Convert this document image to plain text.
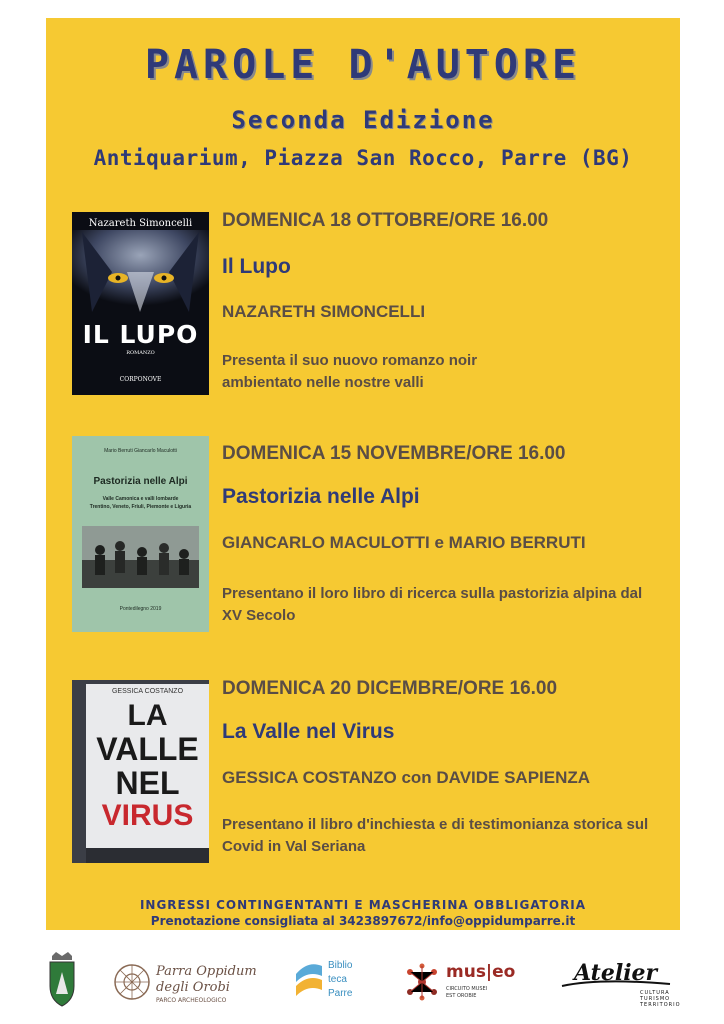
PAROLE D'AUTORE
Seconda Edizione
Antiquarium, Piazza San Rocco, Parre (BG)
Nazareth Simoncelli
IL LUPO
ROMANZO
CORPONOVE
DOMENICA 18 OTTOBRE/ORE 16.00
Il Lupo
NAZARETH SIMONCELLI
Presenta il suo nuovo romanzo noir
ambientato nelle nostre valli
Mario Berruti Giancarlo Maculotti
Pastorizia nelle Alpi
Valle Camonica e valli lombarde
Trentino, Veneto, Friuli, Piemonte e Liguria
Pontedilegno 2019
DOMENICA 15 NOVEMBRE/ORE 16.00
Pastorizia nelle Alpi
GIANCARLO MACULOTTI e MARIO BERRUTI
Presentano il loro libro di ricerca sulla pastorizia alpina dal
XV Secolo
GESSICA COSTANZO
LA
VALLE
NEL
VIRUS
DOMENICA 20 DICEMBRE/ORE 16.00
La Valle nel Virus
GESSICA COSTANZO con DAVIDE SAPIENZA
Presentano il libro d'inchiesta e di testimonianza storica sul
Covid in Val Seriana
INGRESSI CONTINGENTANTI E MASCHERINA OBBLIGATORIA
Prenotazione consigliata al 3423897672/info@oppidumparre.it
Parra Oppidum
degli Orobi
PARCO ARCHEOLOGICO
Biblio
teca
Parre
mus|eo
CIRCUITO MUSEI
EST OROBIE
Atelier
CULTURA
TURISMO
TERRITORIO
